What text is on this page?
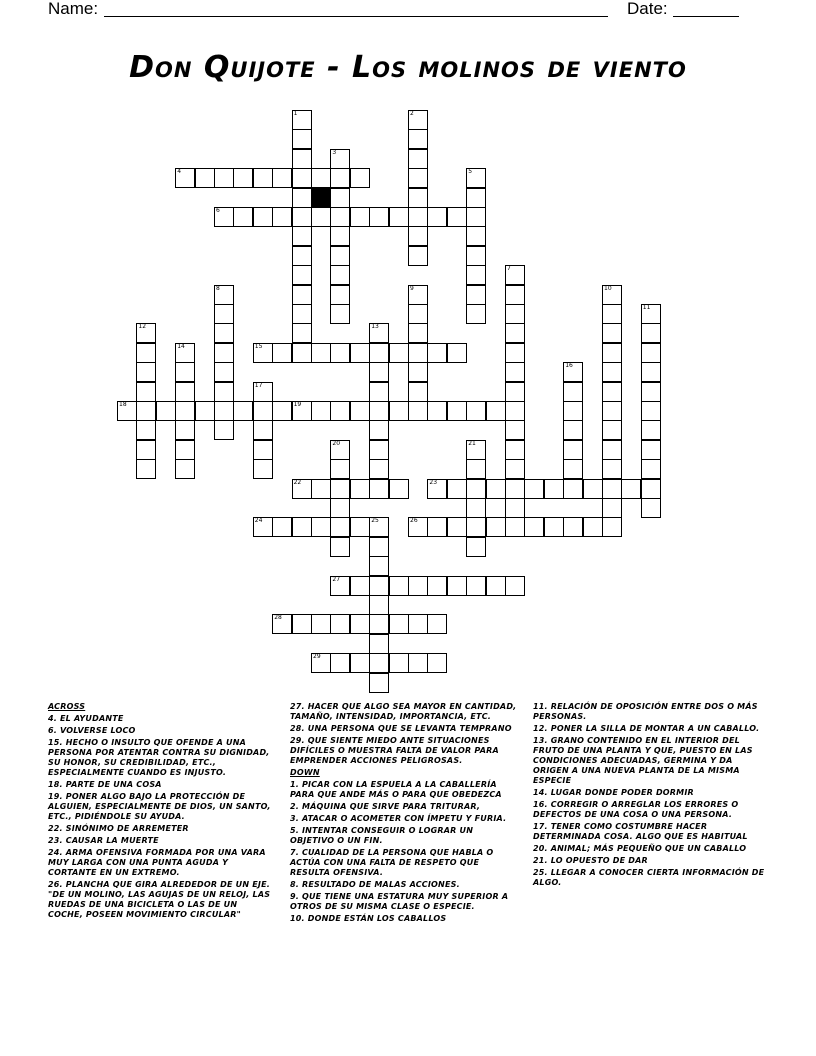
Name:	Date:
Don Quijote - Los molinos de viento
1	2
3
4	5
6
7
8	9	10
11
12	13
14	15
16
17
18	19
20	21
22	23
24	25	26
27
28
29
ACROSS
4. EL AYUDANTE
6. VOLVERSE LOCO
15. HECHO O INSULTO QUE OFENDE A UNA PERSONA POR ATENTAR CONTRA SU DIGNIDAD, SU HONOR, SU CREDIBILIDAD, ETC., ESPECIALMENTE CUANDO ES INJUSTO.
18. PARTE DE UNA COSA
19. PONER ALGO BAJO LA PROTECCIÓN DE ALGUIEN, ESPECIALMENTE DE DIOS, UN SANTO, ETC., PIDIÉNDOLE SU AYUDA.
22. SINÓNIMO DE ARREMETER
23. CAUSAR LA MUERTE
24. ARMA OFENSIVA FORMADA POR UNA VARA MUY LARGA CON UNA PUNTA AGUDA Y CORTANTE EN UN EXTREMO.
26. PLANCHA QUE GIRA ALREDEDOR DE UN EJE. "DE UN MOLINO, LAS AGUJAS DE UN RELOJ, LAS RUEDAS DE UNA BICICLETA O LAS DE UN COCHE, POSEEN MOVIMIENTO CIRCULAR"
27. HACER QUE ALGO SEA MAYOR EN CANTIDAD, TAMAÑO, INTENSIDAD, IMPORTANCIA, ETC.
28. UNA PERSONA QUE SE LEVANTA TEMPRANO
29. QUE SIENTE MIEDO ANTE SITUACIONES DIFÍCILES O MUESTRA FALTA DE VALOR PARA EMPRENDER ACCIONES PELIGROSAS.
DOWN
1. PICAR CON LA ESPUELA A LA CABALLERÍA PARA QUE ANDE MÁS O PARA QUE OBEDEZCA
2. MÁQUINA QUE SIRVE PARA TRITURAR,
3. ATACAR O ACOMETER CON ÍMPETU Y FURIA.
5. INTENTAR CONSEGUIR O LOGRAR UN OBJETIVO O UN FIN.
7. CUALIDAD DE LA PERSONA QUE HABLA O ACTÚA CON UNA FALTA DE RESPETO QUE RESULTA OFENSIVA.
8. RESULTADO DE MALAS ACCIONES.
9. QUE TIENE UNA ESTATURA MUY SUPERIOR A OTROS DE SU MISMA CLASE O ESPECIE.
10. DONDE ESTÁN LOS CABALLOS
11. RELACIÓN DE OPOSICIÓN ENTRE DOS O MÁS PERSONAS.
12. PONER LA SILLA DE MONTAR A UN CABALLO.
13. GRANO CONTENIDO EN EL INTERIOR DEL FRUTO DE UNA PLANTA Y QUE, PUESTO EN LAS CONDICIONES ADECUADAS, GERMINA Y DA ORIGEN A UNA NUEVA PLANTA DE LA MISMA ESPECIE
14. LUGAR DONDE PODER DORMIR
16. CORREGIR O ARREGLAR LOS ERRORES O DEFECTOS DE UNA COSA O UNA PERSONA.
17. TENER COMO COSTUMBRE HACER DETERMINADA COSA. ALGO QUE ES HABITUAL
20. ANIMAL; MÁS PEQUEÑO QUE UN CABALLO
21. LO OPUESTO DE DAR
25. LLEGAR A CONOCER CIERTA INFORMACIÓN DE ALGO.
